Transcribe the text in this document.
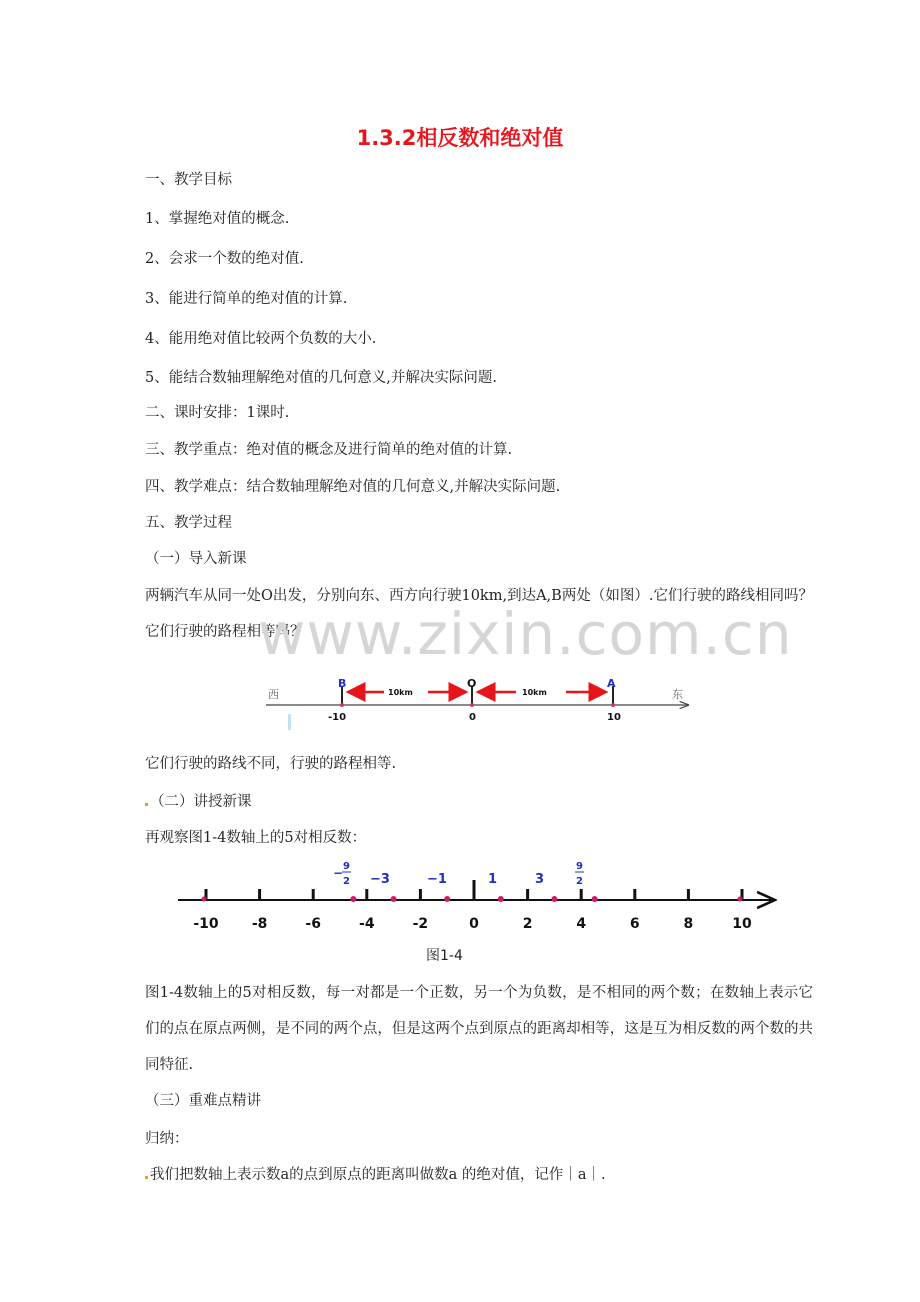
1.3.2相反数和绝对值
一、教学目标
1、掌握绝对值的概念.
2、会求一个数的绝对值.
3、能进行简单的绝对值的计算.
4、能用绝对值比较两个负数的大小.
5、能结合数轴理解绝对值的几何意义,并解决实际问题.
二、课时安排：1课时.
三、教学重点：绝对值的概念及进行简单的绝对值的计算.
四、教学难点：结合数轴理解绝对值的几何意义,并解决实际问题.
五、教学过程
（一）导入新课
两辆汽车从同一处O出发，分别向东、西方向行驶10km,到达A,B两处（如图）.它们行驶的路线相同吗？它们行驶的路程相等吗？
www.zixin.com.cn
西	东
B	O	A
10km	10km
-10	0	10
它们行驶的路线不同，行驶的路程相等.
（二）讲授新课
再观察图1-4数轴上的5对相反数：
− 9
2 −3	−1	1	3
9
2
-10 -8	-6	-4	-2	0	2	4	6	8	10
图1-4
图1-4数轴上的5对相反数，每一对都是一个正数，另一个为负数，是不相同的两个数；在数轴上表示它们的点在原点两侧，是不同的两个点，但是这两个点到原点的距离却相等，这是互为相反数的两个数的共同特征.
（三）重难点精讲
归纳：
我们把数轴上表示数a的点到原点的距离叫做数a 的绝对值，记作｜a｜.
